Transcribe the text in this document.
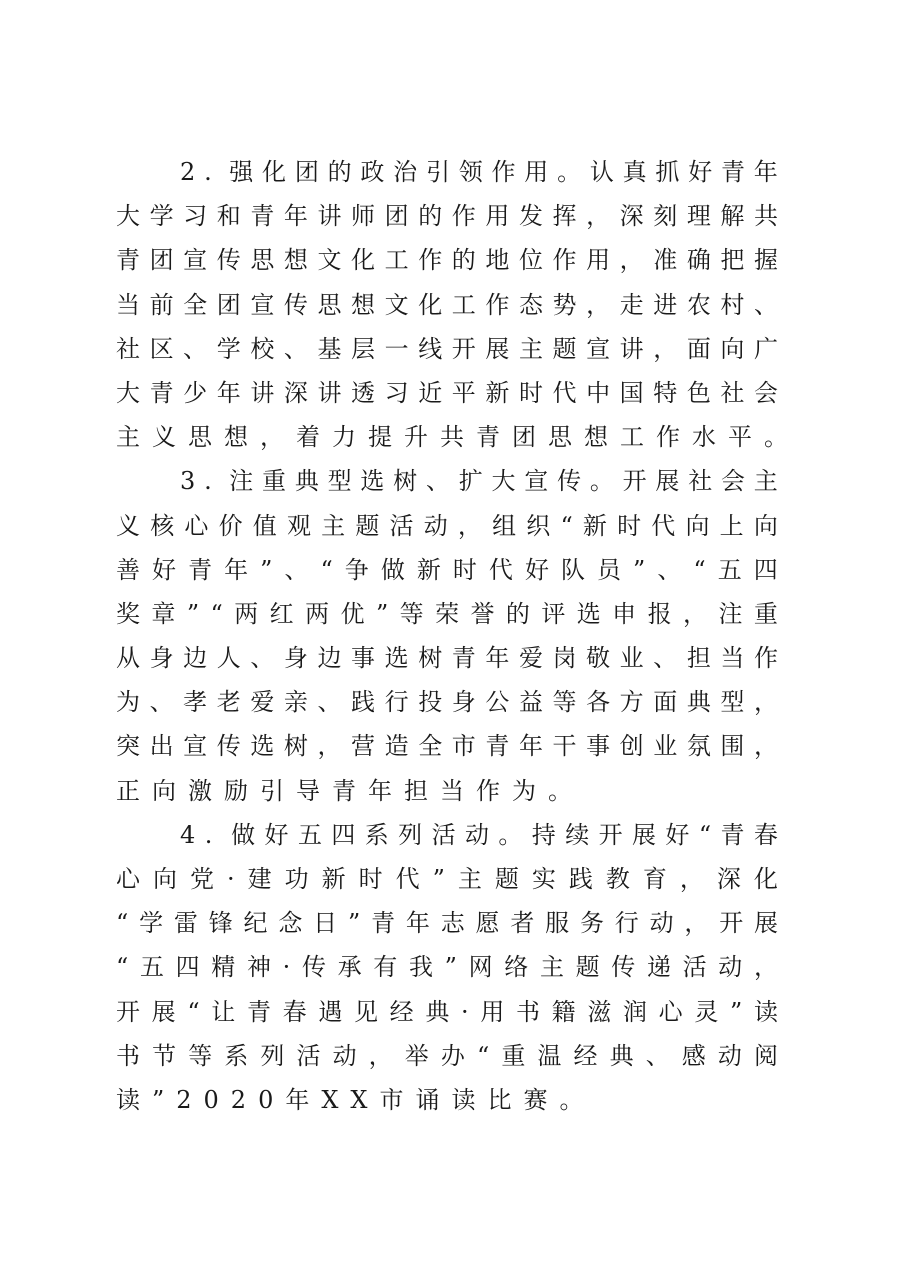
2 . 强 化 团 的 政 治 引 领 作 用 。 认 真 抓 好 青 年
大 学 习 和 青 年 讲 师 团 的 作 用 发 挥 ， 深 刻 理 解 共
青 团 宣 传 思 想 文 化 工 作 的 地 位 作 用 ， 准 确 把 握
当 前 全 团 宣 传 思 想 文 化 工 作 态 势 ， 走 进 农 村 、
社 区 、 学 校 、 基 层 一 线 开 展 主 题 宣 讲 ， 面 向 广
大 青 少 年 讲 深 讲 透 习 近 平 新 时 代 中 国 特 色 社 会
主义思想，着力提升共青团思想工作水平。
3 . 注 重 典 型 选 树 、 扩 大 宣 传 。 开 展 社 会 主
义 核 心 价 值 观 主 题 活 动 ， 组 织 “ 新 时 代 向 上 向
善 好 青 年 ” 、 “ 争 做 新 时 代 好 队 员 ” 、 “ 五 四
奖 章 ” “ 两 红 两 优 ” 等 荣 誉 的 评 选 申 报 ， 注 重
从 身 边 人 、 身 边 事 选 树 青 年 爱 岗 敬 业 、 担 当 作
为 、 孝 老 爱 亲 、 践 行 投 身 公 益 等 各 方 面 典 型 ，
突 出 宣 传 选 树 ， 营 造 全 市 青 年 干 事 创 业 氛 围 ，
正向激励引导青年担当作为。
4 . 做 好 五 四 系 列 活 动 。 持 续 开 展 好 “ 青 春
心 向 党 · 建 功 新 时 代 ” 主 题 实 践 教 育 ， 深 化
“ 学 雷 锋 纪 念 日 ” 青 年 志 愿 者 服 务 行 动 ， 开 展
“ 五 四 精 神 · 传 承 有 我 ” 网 络 主 题 传 递 活 动 ，
开 展 “ 让 青 春 遇 见 经 典 · 用 书 籍 滋 润 心 灵 ” 读
书 节 等 系 列 活 动 ， 举 办 “ 重 温 经 典 、 感 动 阅
读”2020年XX市诵读比赛。
